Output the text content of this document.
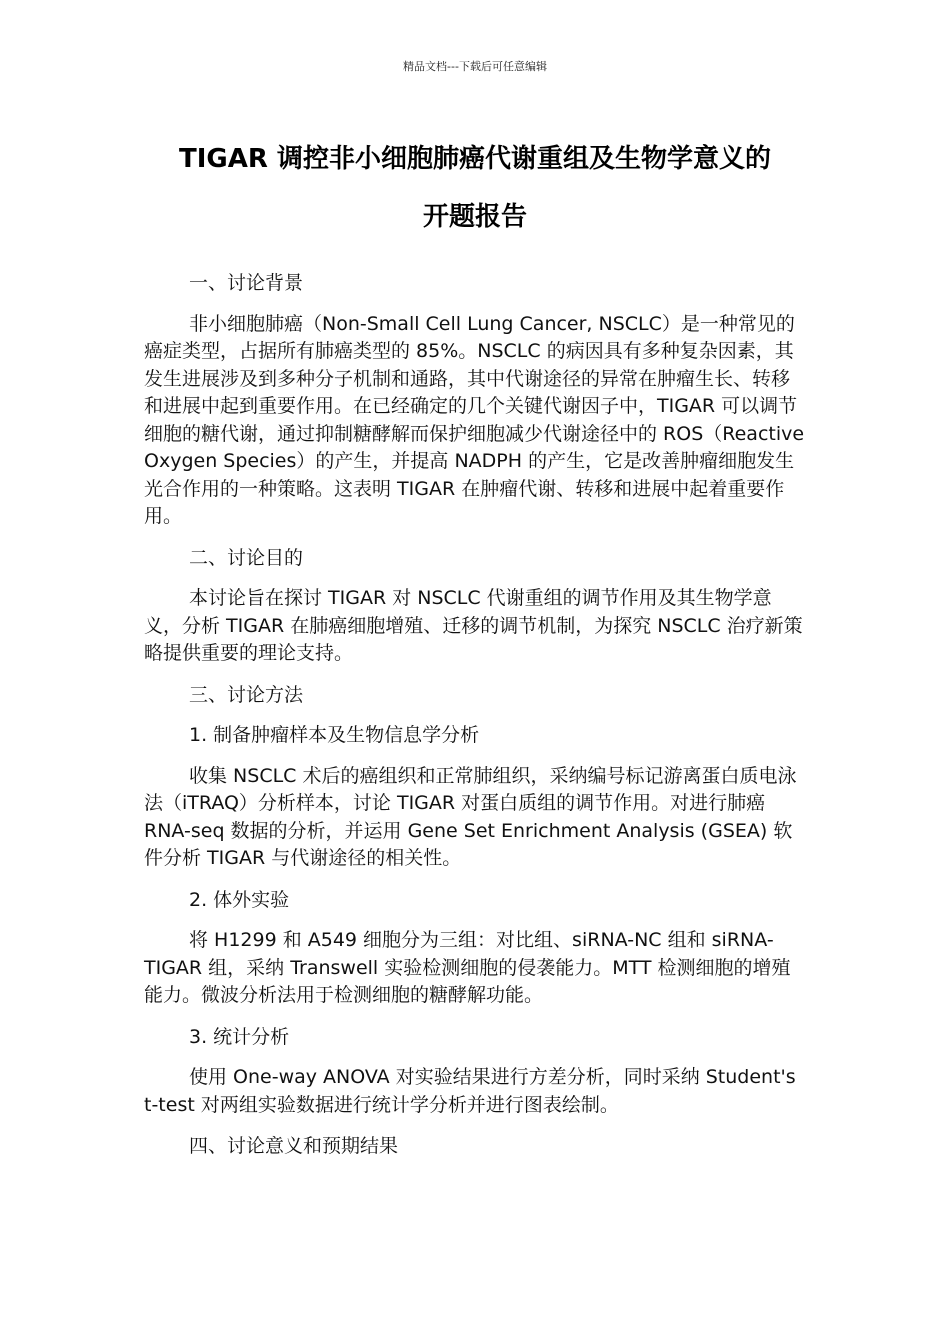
精品文档---下载后可任意编辑
TIGAR 调控非小细胞肺癌代谢重组及生物学意义的
开题报告

一、讨论背景

非小细胞肺癌（Non-Small Cell Lung Cancer, NSCLC）是一种常见的癌症类型，占据所有肺癌类型的 85%。NSCLC 的病因具有多种复杂因素，其发生进展涉及到多种分子机制和通路，其中代谢途径的异常在肿瘤生长、转移和进展中起到重要作用。在已经确定的几个关键代谢因子中，TIGAR 可以调节细胞的糖代谢，通过抑制糖酵解而保护细胞减少代谢途径中的 ROS（Reactive Oxygen Species）的产生，并提高 NADPH 的产生，它是改善肿瘤细胞发生光合作用的一种策略。这表明 TIGAR 在肿瘤代谢、转移和进展中起着重要作用。

二、讨论目的

本讨论旨在探讨 TIGAR 对 NSCLC 代谢重组的调节作用及其生物学意义，分析 TIGAR 在肺癌细胞增殖、迁移的调节机制，为探究 NSCLC 治疗新策略提供重要的理论支持。

三、讨论方法

1. 制备肿瘤样本及生物信息学分析

收集 NSCLC 术后的癌组织和正常肺组织，采纳编号标记游离蛋白质电泳法（iTRAQ）分析样本，讨论 TIGAR 对蛋白质组的调节作用。对进行肺癌 RNA-seq 数据的分析，并运用 Gene Set Enrichment Analysis (GSEA) 软件分析 TIGAR 与代谢途径的相关性。

2. 体外实验

将 H1299 和 A549 细胞分为三组：对比组、siRNA-NC 组和 siRNA-TIGAR 组，采纳 Transwell 实验检测细胞的侵袭能力。MTT 检测细胞的增殖能力。微波分析法用于检测细胞的糖酵解功能。

3. 统计分析

使用 One-way ANOVA 对实验结果进行方差分析，同时采纳 Student's t-test 对两组实验数据进行统计学分析并进行图表绘制。

四、讨论意义和预期结果
